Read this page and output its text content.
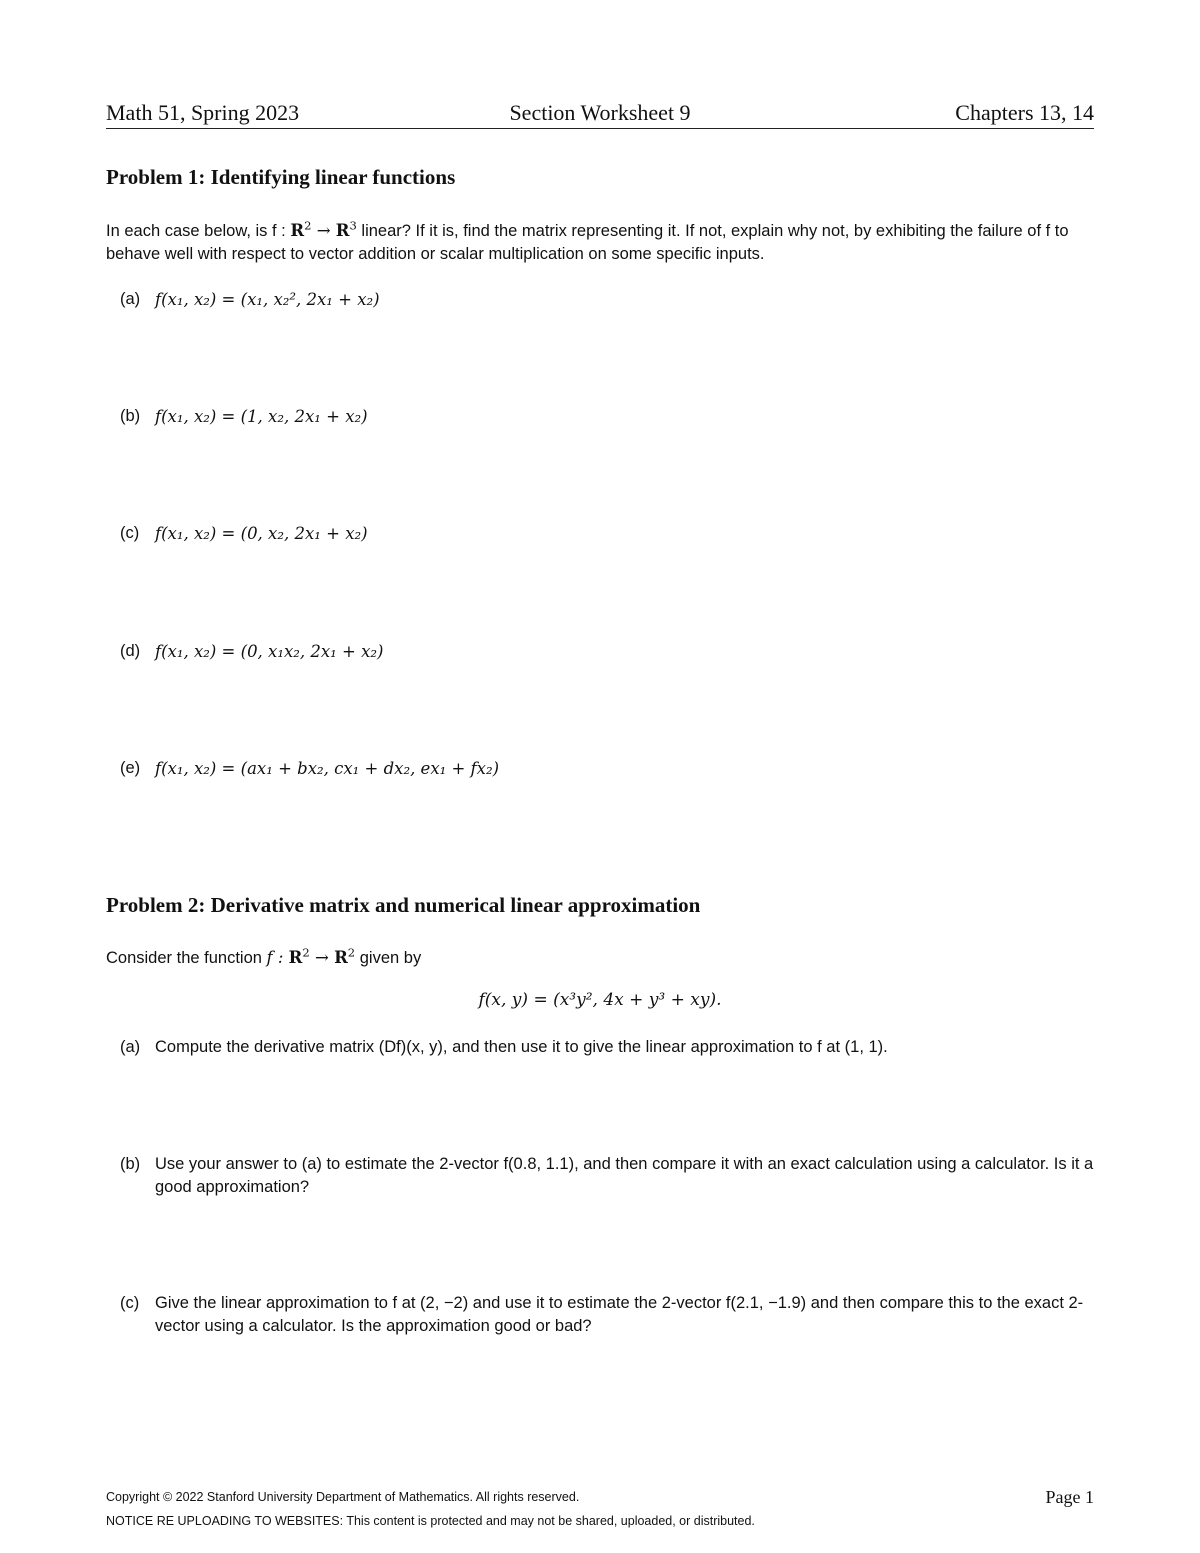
Math 51, Spring 2023	Section Worksheet 9	Chapters 13, 14
Problem 1: Identifying linear functions
In each case below, is f : $R^2 \to R^3$ linear? If it is, find the matrix representing it. If not, explain why not, by exhibiting the failure of f to behave well with respect to vector addition or scalar multiplication on some specific inputs.
(a) f(x₁, x₂) = (x₁, x₂², 2x₁ + x₂)
(b) f(x₁, x₂) = (1, x₂, 2x₁ + x₂)
(c) f(x₁, x₂) = (0, x₂, 2x₁ + x₂)
(d) f(x₁, x₂) = (0, x₁x₂, 2x₁ + x₂)
(e) f(x₁, x₂) = (ax₁ + bx₂, cx₁ + dx₂, ex₁ + fx₂)
Problem 2: Derivative matrix and numerical linear approximation
Consider the function f : $R^2 \to R^2$ given by
f(x, y) = (x³y², 4x + y³ + xy).
(a) Compute the derivative matrix (Df)(x, y), and then use it to give the linear approximation to f at (1, 1).
(b) Use your answer to (a) to estimate the 2-vector f(0.8, 1.1), and then compare it with an exact calculation using a calculator. Is it a good approximation?
(c) Give the linear approximation to f at (2, −2) and use it to estimate the 2-vector f(2.1, −1.9) and then compare this to the exact 2-vector using a calculator. Is the approximation good or bad?
Copyright © 2022 Stanford University Department of Mathematics. All rights reserved.
NOTICE RE UPLOADING TO WEBSITES: This content is protected and may not be shared, uploaded, or distributed.
Page 1
